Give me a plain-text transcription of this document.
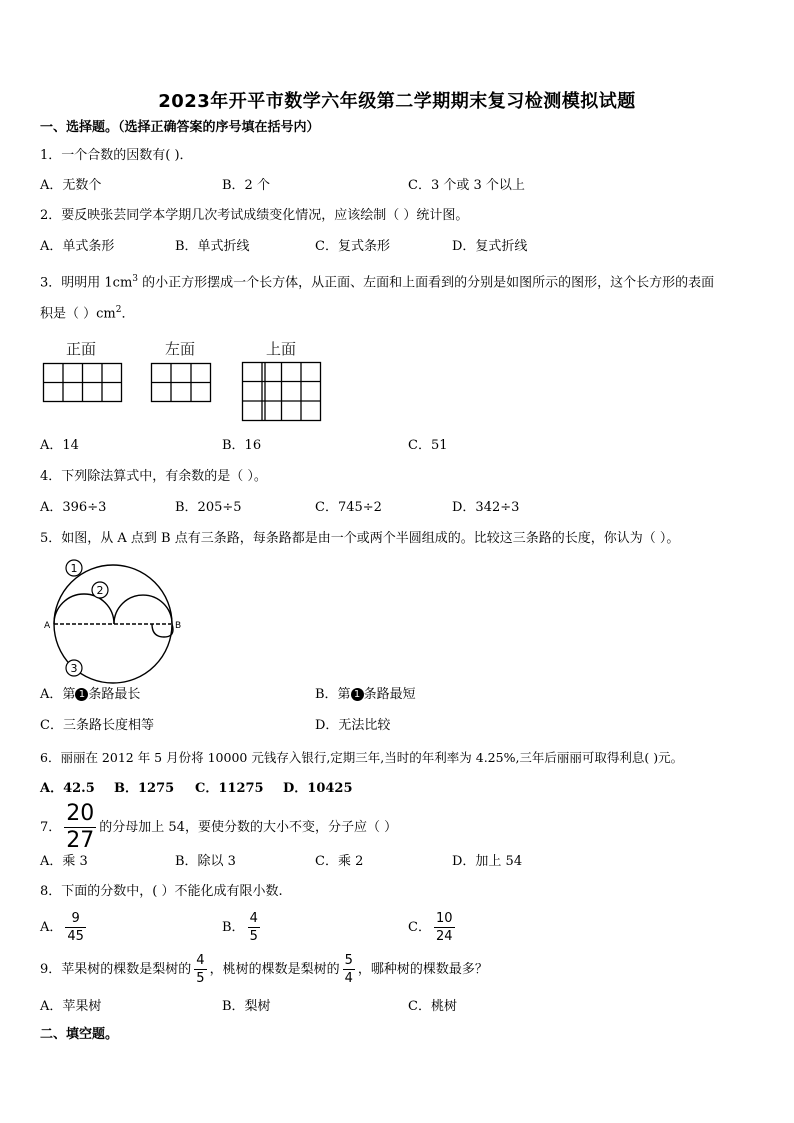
2023年开平市数学六年级第二学期期末复习检测模拟试题
一、选择题。（选择正确答案的序号填在括号内）
1．一个合数的因数有( )．
A．无数个	B．2 个	C．3 个或 3 个以上
2．要反映张芸同学本学期几次考试成绩变化情况，应该绘制（ ）统计图。
A．单式条形	B．单式折线	C．复式条形	D．复式折线
3．明明用 $1cm^3$ 的小正方形摆成一个长方体，从正面、左面和上面看到的分别是如图所示的图形，这个长方形的表面
积是（ ）$cm^2$．
正面	左面	上面
A．14	B．16	C．51
4．下列除法算式中，有余数的是（ ）。
A．396÷3	B．205÷5	C．745÷2	D．342÷3
5．如图，从 A 点到 B 点有三条路，每条路都是由一个或两个半圆组成的。比较这三条路的长度，你认为（ ）。
A	B
1
2
3
A．第 1 条路最长	B．第 1 条路最短
C．三条路长度相等	D．无法比较
6．丽丽在 2012 年 5 月份将 10000 元钱存入银行,定期三年,当时的年利率为 4.25%,三年后丽丽可取得利息( )元。
A．42.5 B．1275 C．11275 D．10425
7． $\frac{20}{27}$ 的分母加上 54，要使分数的大小不变，分子应（ ）
A．乘 3	B．除以 3	C．乘 2	D．加上 54
8．下面的分数中，( ）不能化成有限小数.
A． $\frac{9}{45}$	B． $\frac{4}{5}$	C． $\frac{10}{24}$
9．苹果树的棵数是梨树的 $\frac{4}{5}$ ，桃树的棵数是梨树的 $\frac{5}{4}$ ，哪种树的棵数最多？
A．苹果树	B．梨树	C．桃树
二、填空题。
